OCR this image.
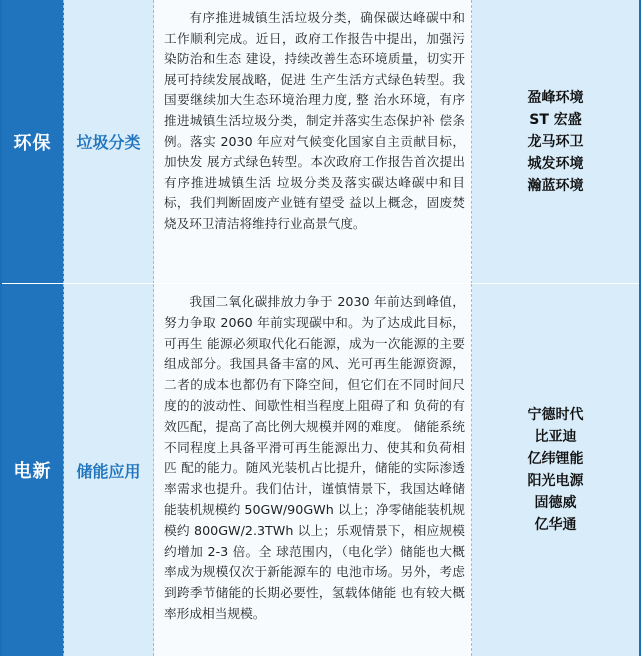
环保	垃圾分类

有序推进城镇生活垃圾分类，确保碳达峰碳中和工作顺利完成。近日，政府工作报告中提出，加强污染防治和生态 建设，持续改善生态环境质量，切实开展可持续发展战略，促进 生产生活方式绿色转型。我国要继续加大生态环境治理力度, 整 治水环境，有序推进城镇生活垃圾分类，制定并落实生态保护补 偿条例。落实 2030 年应对气候变化国家自主贡献目标，加快发 展方式绿色转型。本次政府工作报告首次提出有序推进城镇生活 垃圾分类及落实碳达峰碳中和目标，我们判断固废产业链有望受 益以上概念，固废焚烧及环卫清洁将维持行业高景气度。

盈峰环境
ST 宏盛
龙马环卫
城发环境
瀚蓝环境
电新	储能应用

我国二氧化碳排放力争于 2030 年前达到峰值，努力争取 2060 年前实现碳中和。为了达成此目标，可再生 能源必须取代化石能源，成为一次能源的主要组成部分。我国具备丰富的风、光可再生能源资源，二者的成本也都仍有下降空间，但它们在不同时间尺度的的波动性、间歇性相当程度上阻碍了和 负荷的有效匹配，提高了高比例大规模并网的难度。 储能系统不同程度上具备平滑可再生能源出力、使其和负荷相匹 配的能力。随风光装机占比提升，储能的实际渗透率需求也提升。我们估计，谨慎情景下，我国达峰储 能装机规模约 50GW/90GWh 以上；净零储能装机规模约 800GW/2.3TWh 以上；乐观情景下，相应规模约增加 2-3 倍。全 球范围内，（电化学）储能也大概率成为规模仅次于新能源车的 电池市场。另外，考虑到跨季节储能的长期必要性，氢载体储能 也有较大概率形成相当规模。

宁德时代
比亚迪
亿纬锂能
阳光电源
固德威
亿华通
